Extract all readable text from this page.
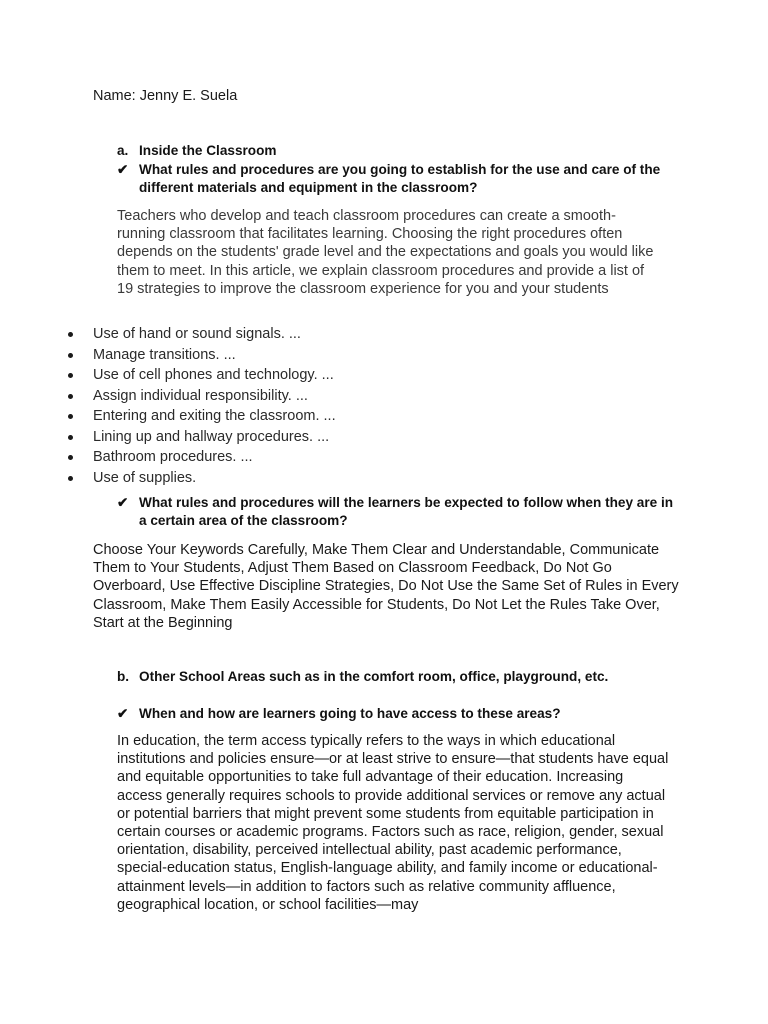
Name: Jenny E. Suela
a. Inside the Classroom
✔ What rules and procedures are you going to establish for the use and care of the different materials and equipment in the classroom?
Teachers who develop and teach classroom procedures can create a smooth-running classroom that facilitates learning. Choosing the right procedures often depends on the students' grade level and the expectations and goals you would like them to meet. In this article, we explain classroom procedures and provide a list of 19 strategies to improve the classroom experience for you and your students
Use of hand or sound signals. ...
Manage transitions. ...
Use of cell phones and technology. ...
Assign individual responsibility. ...
Entering and exiting the classroom. ...
Lining up and hallway procedures. ...
Bathroom procedures. ...
Use of supplies.
✔ What rules and procedures will the learners be expected to follow when they are in a certain area of the classroom?
Choose Your Keywords Carefully, Make Them Clear and Understandable, Communicate Them to Your Students, Adjust Them Based on Classroom Feedback, Do Not Go Overboard, Use Effective Discipline Strategies, Do Not Use the Same Set of Rules in Every Classroom, Make Them Easily Accessible for Students, Do Not Let the Rules Take Over, Start at the Beginning
b. Other School Areas such as in the comfort room, office, playground, etc.
✔ When and how are learners going to have access to these areas?
In education, the term access typically refers to the ways in which educational institutions and policies ensure—or at least strive to ensure—that students have equal and equitable opportunities to take full advantage of their education. Increasing access generally requires schools to provide additional services or remove any actual or potential barriers that might prevent some students from equitable participation in certain courses or academic programs. Factors such as race, religion, gender, sexual orientation, disability, perceived intellectual ability, past academic performance, special-education status, English-language ability, and family income or educational-attainment levels—in addition to factors such as relative community affluence, geographical location, or school facilities—may
